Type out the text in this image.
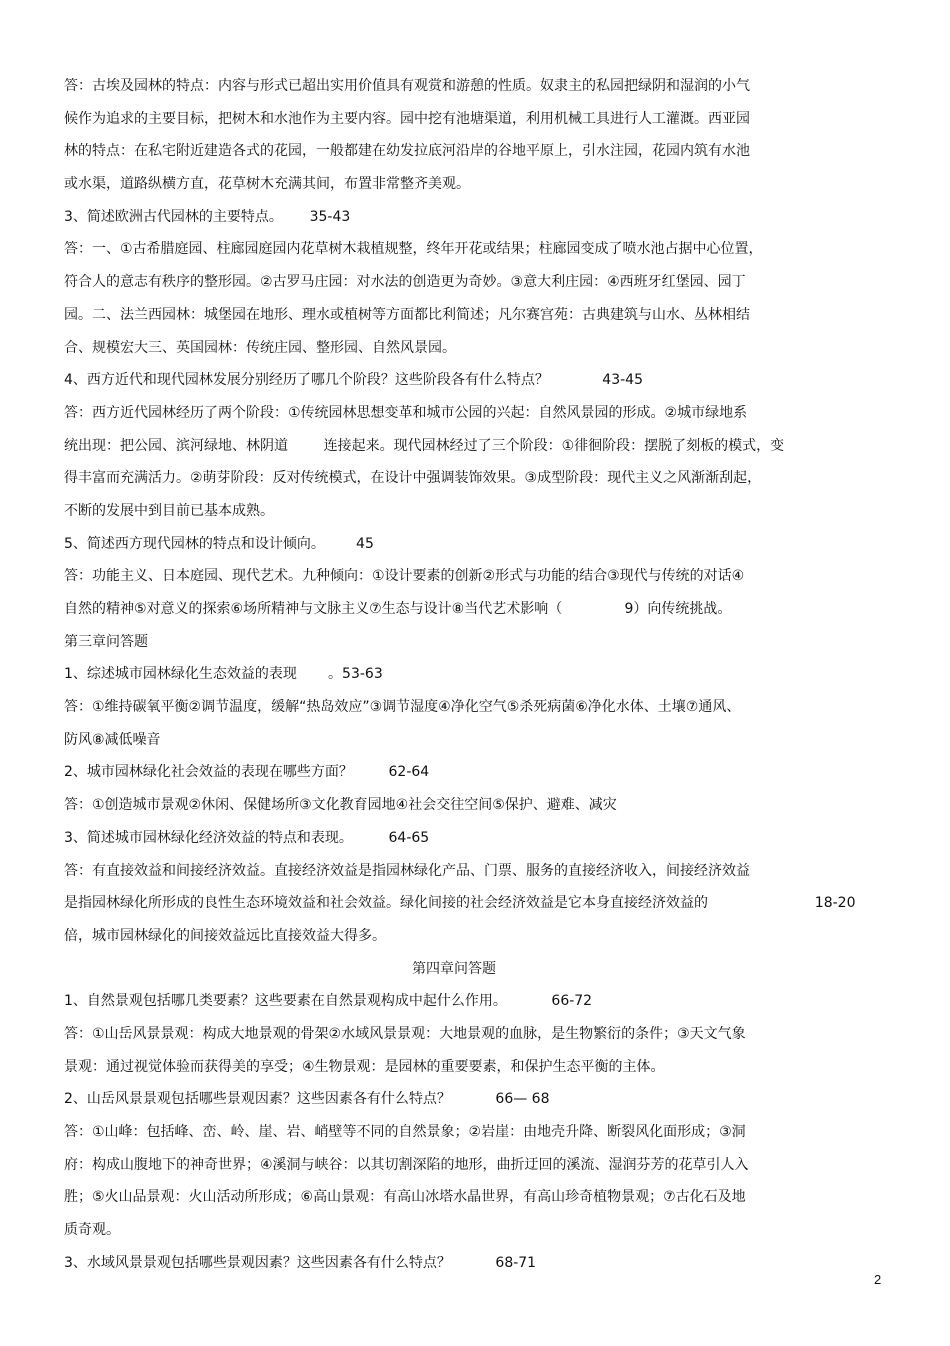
答：古埃及园林的特点：内容与形式已超出实用价值具有观赏和游憩的性质。奴隶主的私园把绿阴和湿润的小气
候作为追求的主要目标，把树木和水池作为主要内容。园中挖有池塘渠道，利用机械工具进行人工灌溉。西亚园
林的特点：在私宅附近建造各式的花园，一般都建在幼发拉底河沿岸的谷地平原上，引水注园，花园内筑有水池
或水渠，道路纵横方直，花草树木充满其间，布置非常整齐美观。
3、简述欧洲古代园林的主要特点。      35-43
答：一、①古希腊庭园、柱廊园庭园内花草树木栽植规整，终年开花或结果；柱廊园变成了喷水池占据中心位置，
符合人的意志有秩序的整形园。②古罗马庄园：对水法的创造更为奇妙。③意大利庄园：④西班牙红堡园、园丁
园。二、法兰西园林：城堡园在地形、理水或植树等方面都比利简述；凡尔赛宫苑：古典建筑与山水、丛林相结
合、规模宏大三、英国园林：传统庄园、整形园、自然风景园。
4、西方近代和现代园林发展分别经历了哪几个阶段？这些阶段各有什么特点？            43-45
答：西方近代园林经历了两个阶段：①传统园林思想变革和城市公园的兴起：自然风景园的形成。②城市绿地系
统出现：把公园、滨河绿地、林阴道        连接起来。现代园林经过了三个阶段：①徘徊阶段：摆脱了刻板的模式，变
得丰富而充满活力。②萌芽阶段：反对传统模式，在设计中强调装饰效果。③成型阶段：现代主义之风渐渐刮起，
不断的发展中到目前已基本成熟。
5、简述西方现代园林的特点和设计倾向。       45
答：功能主义、日本庭园、现代艺术。九种倾向：①设计要素的创新②形式与功能的结合③现代与传统的对话④
自然的精神⑤对意义的探索⑥场所精神与文脉主义⑦生态与设计⑧当代艺术影响（              9）向传统挑战。
第三章问答题
1、综述城市园林绿化生态效益的表现       。53-63
答：①维持碳氧平衡②调节温度，缓解“热岛效应”③调节湿度④净化空气⑤杀死病菌⑥净化水体、土壤⑦通风、
防风⑧减低噪音
2、城市园林绿化社会效益的表现在哪些方面？        62-64
答：①创造城市景观②休闲、保健场所③文化教育园地④社会交往空间⑤保护、避难、减灾
3、简述城市园林绿化经济效益的特点和表现。        64-65
答：有直接效益和间接经济效益。直接经济效益是指园林绿化产品、门票、服务的直接经济收入，间接经济效益
是指园林绿化所形成的良性生态环境效益和社会效益。绿化间接的社会经济效益是它本身直接经济效益的                        18-20
倍，城市园林绿化的间接效益远比直接效益大得多。
第四章问答题
1、自然景观包括哪几类要素？这些要素在自然景观构成中起什么作用。          66-72
答：①山岳风景景观：构成大地景观的骨架②水域风景景观：大地景观的血脉，是生物繁衍的条件；③天文气象
景观：通过视觉体验而获得美的享受；④生物景观：是园林的重要要素，和保护生态平衡的主体。
2、山岳风景景观包括哪些景观因素？这些因素各有什么特点？          66— 68
答：①山峰：包括峰、峦、岭、崖、岩、峭壁等不同的自然景象；②岩崖：由地壳升降、断裂风化面形成；③洞
府：构成山腹地下的神奇世界；④溪洞与峡谷：以其切割深陷的地形，曲折迂回的溪流、湿润芬芳的花草引人入
胜；⑤火山品景观：火山活动所形成；⑥高山景观：有高山冰塔水晶世界，有高山珍奇植物景观；⑦古化石及地
质奇观。
3、水域风景景观包括哪些景观因素？这些因素各有什么特点？          68-71
2
